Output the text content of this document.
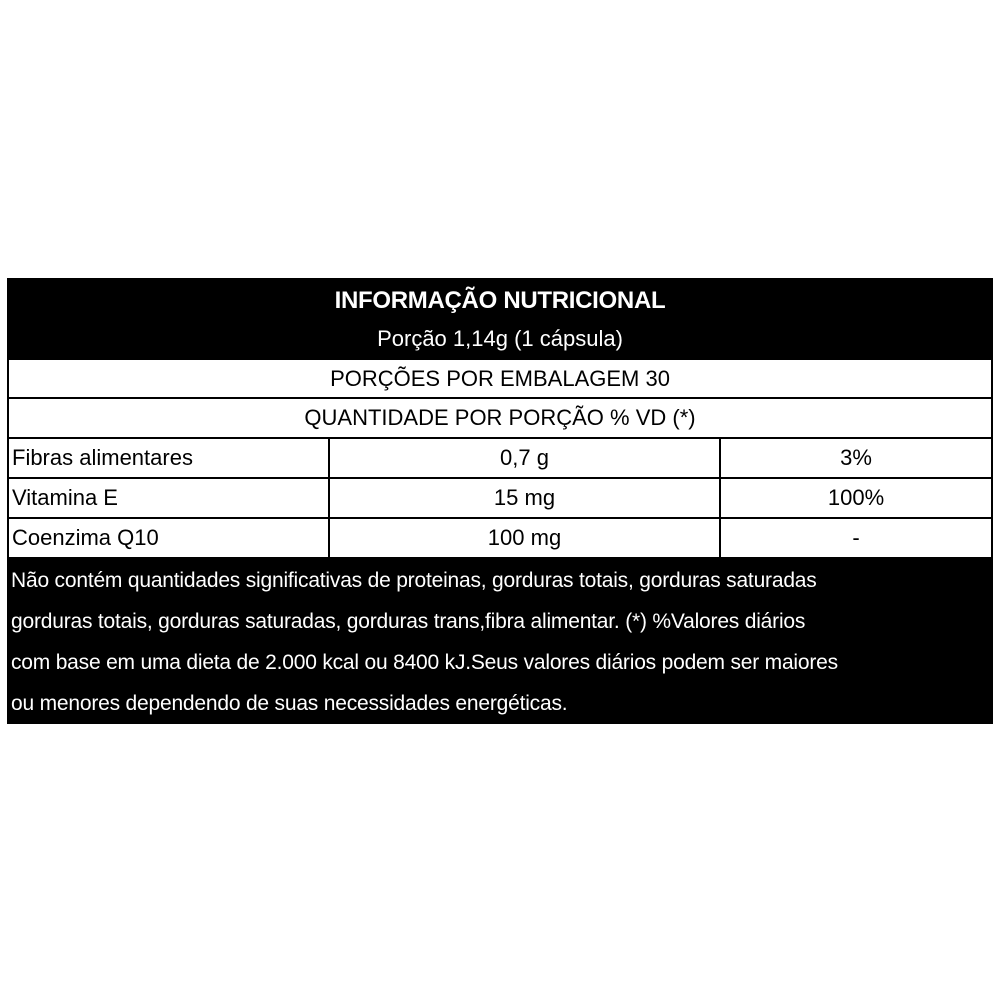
INFORMAÇÃO NUTRICIONAL
Porção 1,14g (1 cápsula)
PORÇÕES POR EMBALAGEM 30
QUANTIDADE POR PORÇÃO % VD (*)
Fibras alimentares	0,7 g	3%
Vitamina E	15 mg	100%
Coenzima Q10	100 mg	-
Não contém quantidades significativas de proteinas, gorduras totais, gorduras saturadas
gorduras totais, gorduras saturadas, gorduras trans,fibra alimentar. (*) %Valores diários
com base em uma dieta de 2.000 kcal ou 8400 kJ.Seus valores diários podem ser maiores
ou menores dependendo de suas necessidades energéticas.
